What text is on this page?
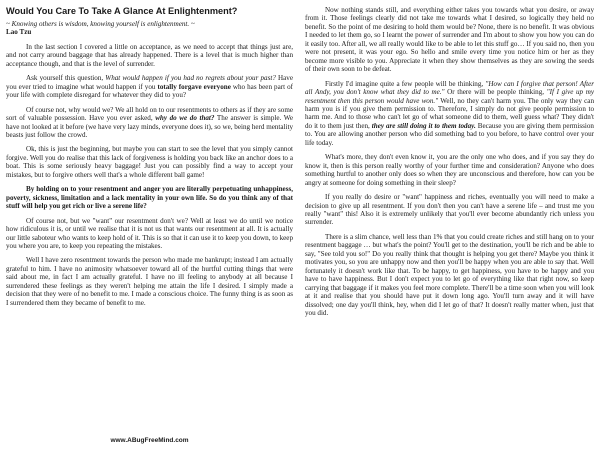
Would You Care To Take A Glance At Enlightenment?
~ Knowing others is wisdom, knowing yourself is enlightenment. ~
Lao Tzu

In the last section I covered a little on acceptance, as we need to accept that things just are, and not carry around baggage that has already happened. There is a level that is much higher than acceptance though, and that is the level of surrender.

Ask yourself this question, What would happen if you had no regrets about your past? Have you ever tried to imagine what would happen if you totally forgave everyone who has been part of your life with complete disregard for whatever they did to you?

Of course not, why would we? We all hold on to our resentments to others as if they are some sort of valuable possession. Have you ever asked, why do we do that? The answer is simple. We have not looked at it before (we have very lazy minds, everyone does it), so we, being herd mentality beasts just follow the crowd.

Ok, this is just the beginning, but maybe you can start to see the level that you simply cannot forgive. Well you do realise that this lack of forgiveness is holding you back like an anchor does to a boat. This is some seriously heavy baggage! Just you can possibly find a way to accept your mistakes, but to forgive others well that's a whole different ball game!

By holding on to your resentment and anger you are literally perpetuating unhappiness, poverty, sickness, limitation and a lack mentality in your own life. So do you think any of that stuff will help you get rich or live a serene life?

Of course not, but we "want" our resentment don't we? Well at least we do until we notice how ridiculous it is, or until we realise that it is not us that wants our resentment at all. It is actually our little saboteur who wants to keep hold of it. This is so that it can use it to keep you down, to keep you where you are, to keep you repeating the mistakes.

Well I have zero resentment towards the person who made me bankrupt; instead I am actually grateful to him. I have no animosity whatsoever toward all of the hurtful cutting things that were said about me, in fact I am actually grateful. I have no ill feeling to anybody at all because I surrendered these feelings as they weren't helping me attain the life I desired. I simply made a decision that they were of no benefit to me. I made a conscious choice. The funny thing is as soon as I surrendered them they became of benefit to me.

www.ABugFreeMind.com

Now nothing stands still, and everything either takes you towards what you desire, or away from it. Those feelings clearly did not take me towards what I desired, so logically they held no benefit. So the point of me desiring to hold them would be? None, there is no benefit. It was obvious I needed to let them go, so I learnt the power of surrender and I'm about to show you how you can do it easily too. After all, we all really would like to be able to let this stuff go… If you said no, then you were not present, it was your ego. So hello and smile every time you notice him or her as they become more visible to you. Appreciate it when they show themselves as they are sowing the seeds of their own soon to be defeat.

Firstly I'd imagine quite a few people will be thinking, "How can I forgive that person! After all Andy, you don't know what they did to me." Or there will be people thinking, "If I give up my resentment then this person would have won." Well, no they can't harm you. The only way they can harm you is if you give them permission to. Therefore, I simply do not give people permission to harm me. And to those who can't let go of what someone did to them, well guess what? They didn't do it to them just then, they are still doing it to them today. Because you are giving them permission to. You are allowing another person who did something bad to you before, to have control over your life today.

What's more, they don't even know it, you are the only one who does, and if you say they do know it, then is this person really worthy of your further time and consideration? Anyone who does something hurtful to another only does so when they are unconscious and therefore, how can you be angry at someone for doing something in their sleep?

If you really do desire or "want" happiness and riches, eventually you will need to make a decision to give up all resentment. If you don't then you can't have a serene life – and trust me you really "want" this! Also it is extremely unlikely that you'll ever become abundantly rich unless you surrender.

There is a slim chance, well less than 1% that you could create riches and still hang on to your resentment baggage … but what's the point? You'll get to the destination, you'll be rich and be able to say, "See told you so!" Do you really think that thought is helping you get there? Maybe you think it motivates you, so you are unhappy now and then you'll be happy when you are able to say that. Well fortunately it doesn't work like that. To be happy, to get happiness, you have to be happy and you have to have happiness. But I don't expect you to let go of everything like that right now, so keep carrying that baggage if it makes you feel more complete. There'll be a time soon when you will look at it and realise that you should have put it down long ago. You'll turn away and it will have dissolved; one day you'll think, hey, when did I let go of that? It doesn't really matter when, just that you did.
